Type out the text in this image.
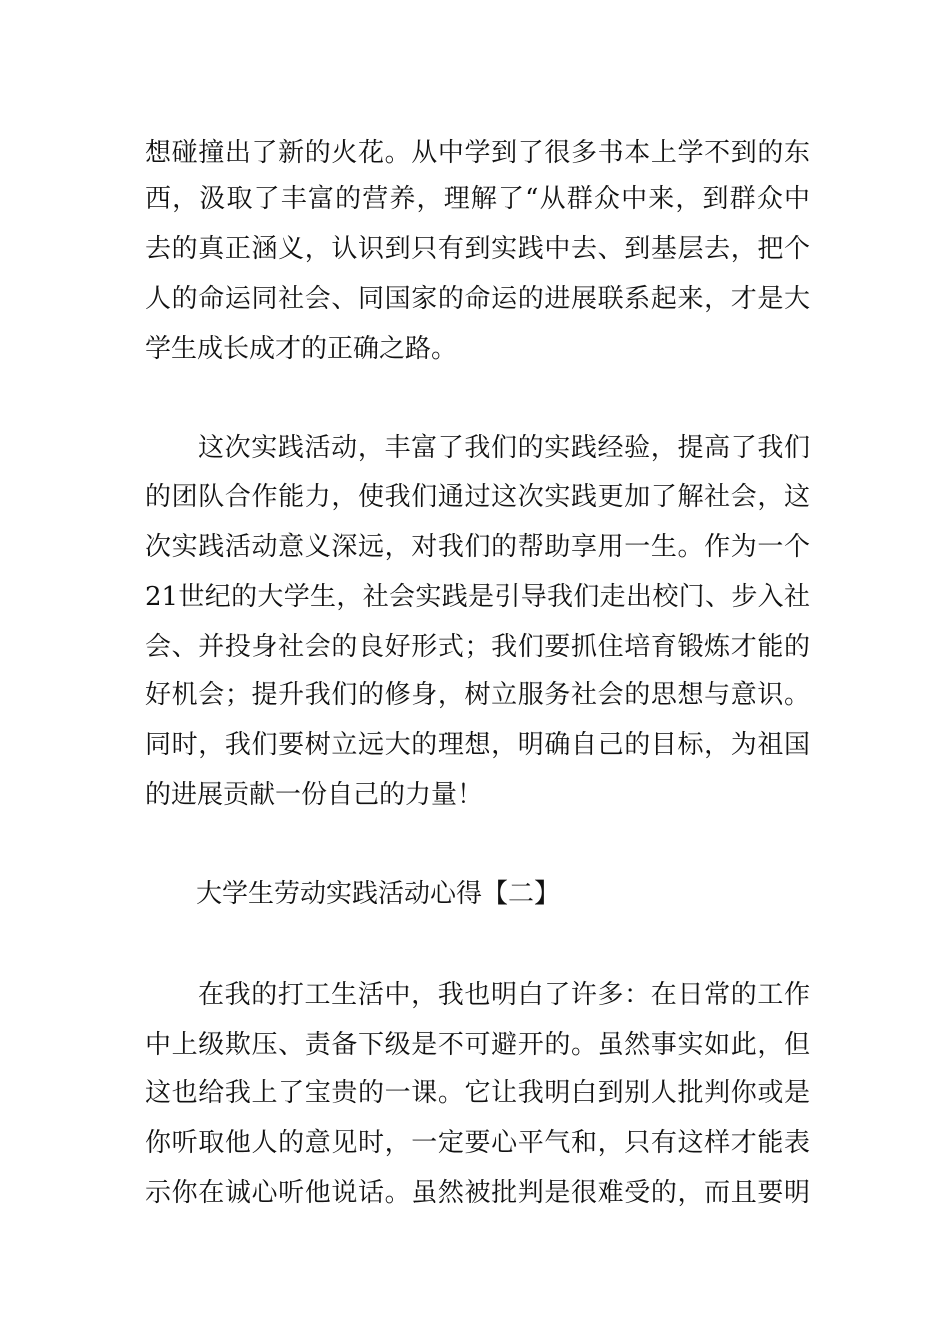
想碰撞出了新的火花。从中学到了很多书本上学不到的东
西，汲取了丰富的营养，理解了“从群众中来，到群众中
去的真正涵义，认识到只有到实践中去、到基层去，把个
人的命运同社会、同国家的命运的进展联系起来，才是大
学生成长成才的正确之路。
这次实践活动，丰富了我们的实践经验，提高了我们
的团队合作能力，使我们通过这次实践更加了解社会，这
次实践活动意义深远，对我们的帮助享用一生。作为一个
21世纪的大学生，社会实践是引导我们走出校门、步入社
会、并投身社会的良好形式；我们要抓住培育锻炼才能的
好机会；提升我们的修身，树立服务社会的思想与意识。
同时，我们要树立远大的理想，明确自己的目标，为祖国
的进展贡献一份自己的力量！
大学生劳动实践活动心得【二】
在我的打工生活中，我也明白了许多：在日常的工作
中上级欺压、责备下级是不可避开的。虽然事实如此，但
这也给我上了宝贵的一课。它让我明白到别人批判你或是
你听取他人的意见时，一定要心平气和，只有这样才能表
示你在诚心听他说话。虽然被批判是很难受的，而且要明
